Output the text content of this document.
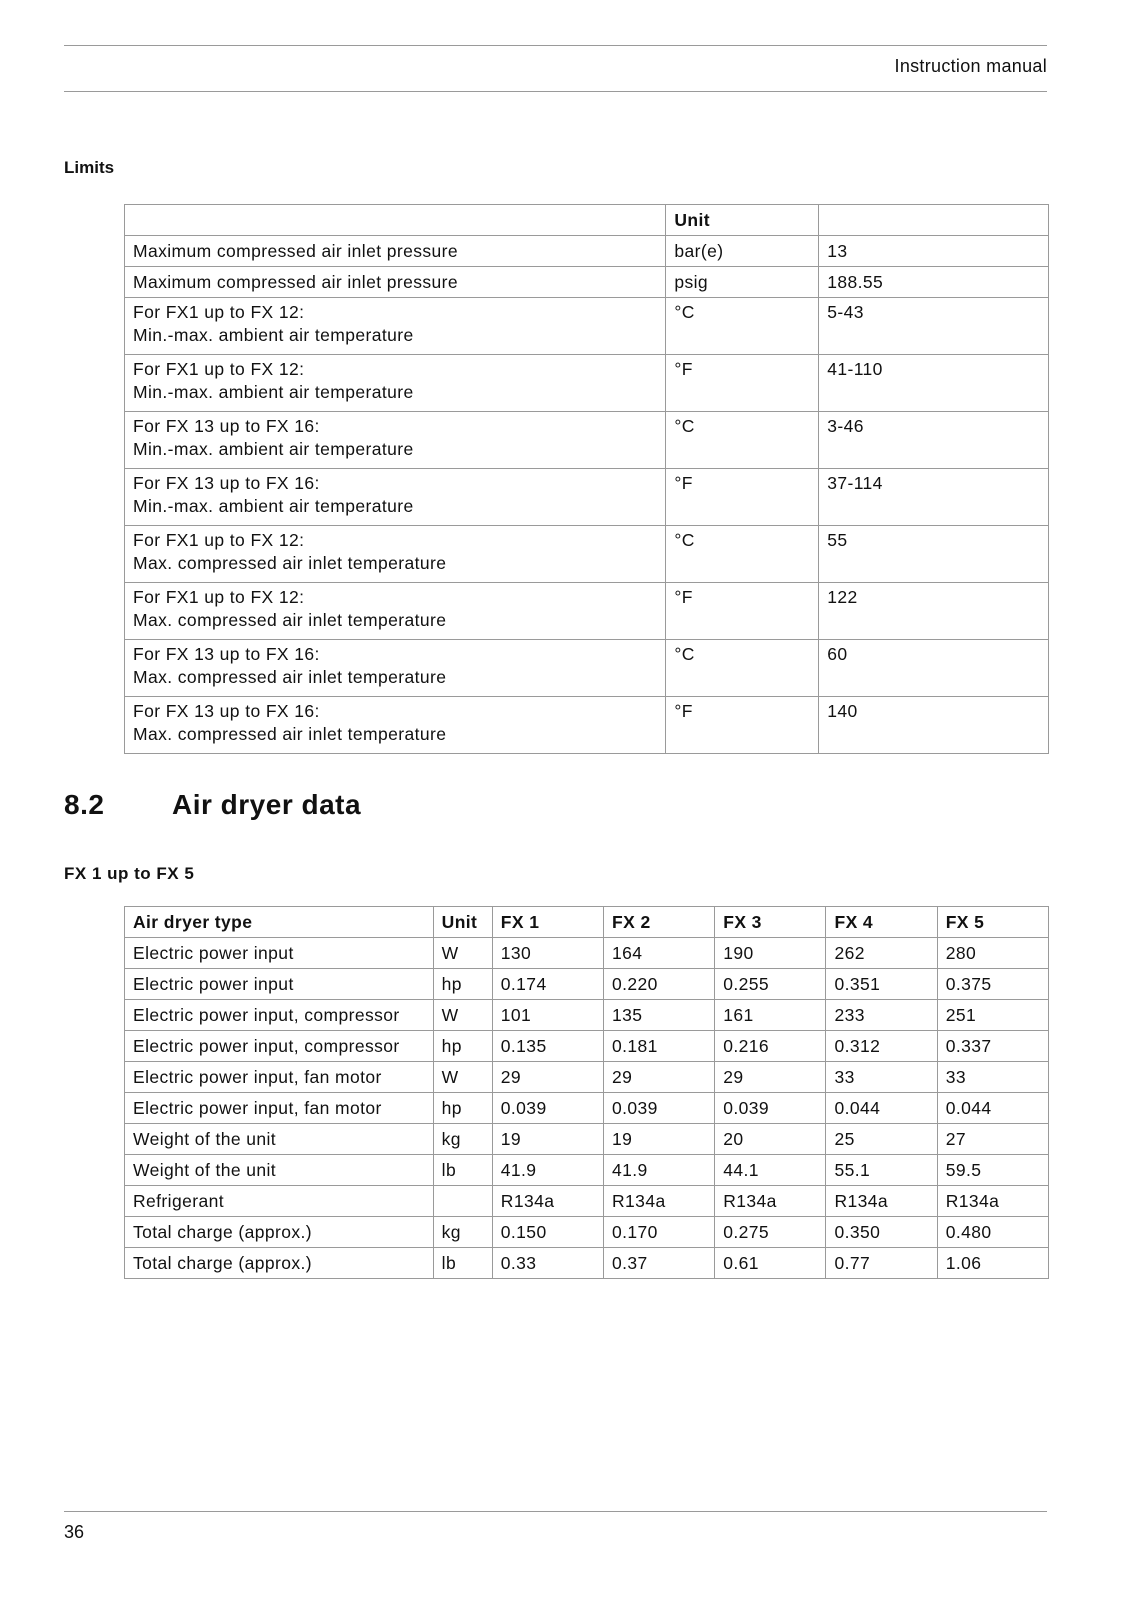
Instruction manual
Limits
	Unit	
Maximum compressed air inlet pressure	bar(e)	13
Maximum compressed air inlet pressure	psig	188.55

For FX1 up to FX 12:
Min.-max. ambient air temperature	°C	5-43

For FX1 up to FX 12:
Min.-max. ambient air temperature	°F	41-110

For FX 13 up to FX 16:
Min.-max. ambient air temperature	°C	3-46

For FX 13 up to FX 16:
Min.-max. ambient air temperature	°F	37-114

For FX1 up to FX 12:
Max. compressed air inlet temperature	°C	55

For FX1 up to FX 12:
Max. compressed air inlet temperature	°F	122

For FX 13 up to FX 16:
Max. compressed air inlet temperature	°C	60

For FX 13 up to FX 16:
Max. compressed air inlet temperature	°F	140
8.2 Air dryer data
FX 1 up to FX 5
Air dryer type	Unit	FX 1	FX 2	FX 3	FX 4	FX 5
Electric power input	W	130	164	190	262	280
Electric power input	hp	0.174	0.220	0.255	0.351	0.375
Electric power input, compressor	W	101	135	161	233	251
Electric power input, compressor	hp	0.135	0.181	0.216	0.312	0.337
Electric power input, fan motor	W	29	29	29	33	33
Electric power input, fan motor	hp	0.039	0.039	0.039	0.044	0.044
Weight of the unit	kg	19	19	20	25	27
Weight of the unit	lb	41.9	41.9	44.1	55.1	59.5
Refrigerant		R134a	R134a	R134a	R134a	R134a
Total charge (approx.)	kg	0.150	0.170	0.275	0.350	0.480
Total charge (approx.)	lb	0.33	0.37	0.61	0.77	1.06
36
